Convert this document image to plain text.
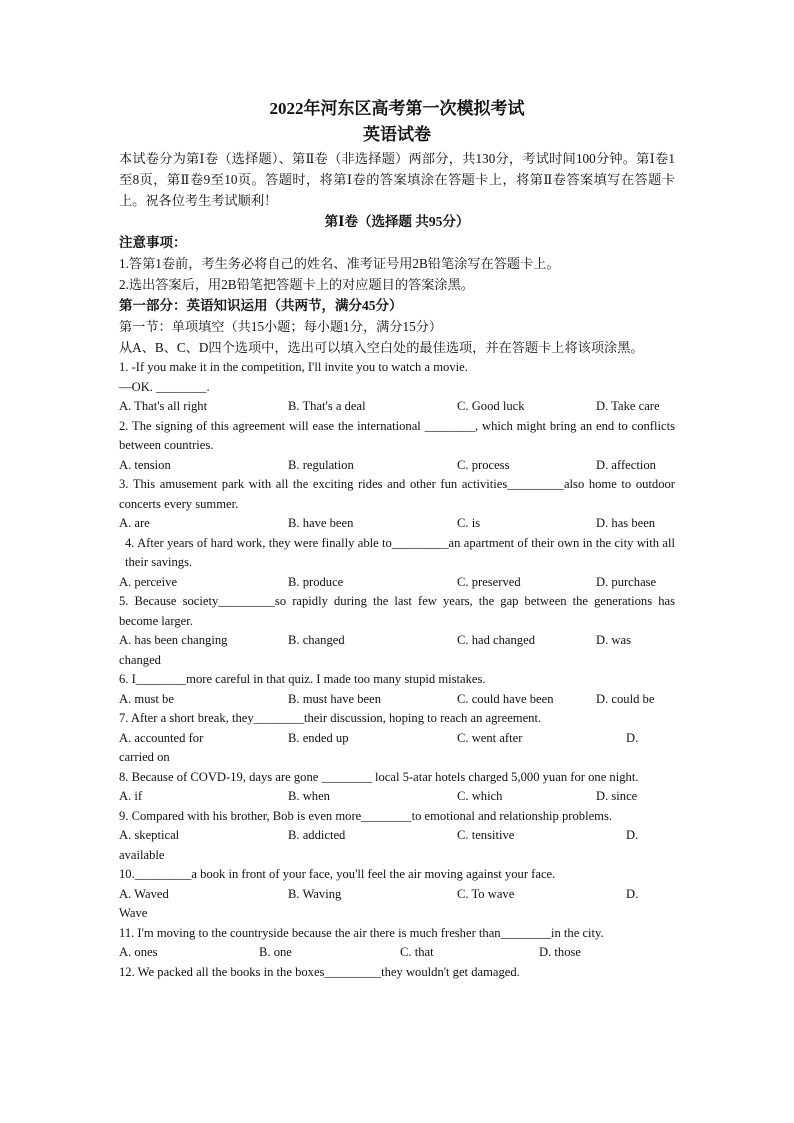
2022年河东区高考第一次模拟考试
英语试卷
本试卷分为第Ⅰ卷（选择题）、第Ⅱ卷（非选择题）两部分，共130分，考试时间100分钟。第Ⅰ卷1至8页，第Ⅱ卷9至10页。答题时，将第Ⅰ卷的答案填涂在答题卡上，将第Ⅱ卷答案填写在答题卡上。祝各位考生考试顺利！
第Ⅰ卷（选择题 共95分）
注意事项：
1.答第1卷前，考生务必将自己的姓名、准考证号用2B铅笔涂写在答题卡上。
2.选出答案后，用2B铅笔把答题卡上的对应题目的答案涂黑。
第一部分：英语知识运用（共两节，满分45分）
第一节：单项填空（共15小题；每小题1分，满分15分）
从A、B、C、D四个选项中，选出可以填入空白处的最佳选项，并在答题卡上将该项涂黑。
1. -If you make it in the competition, I'll invite you to watch a movie.
—OK. ________.
A. That's all right	B. That's a deal	C. Good luck	D. Take care
2. The signing of this agreement will ease the international ________, which might bring an end to conflicts between countries.
A. tension	B. regulation	C. process	D. affection
3. This amusement park with all the exciting rides and other fun activities_________also home to outdoor concerts every summer.
A. are	B. have been	C. is	D. has been
4. After years of hard work, they were finally able to_________an apartment of their own in the city with all their savings.
A. perceive	B. produce	C. preserved	D. purchase
5. Because society_________so rapidly during the last few years, the gap between the generations has become larger.
A. has been changing	B. changed	C. had changed	D. was
changed
6. I________more careful in that quiz. I made too many stupid mistakes.
A. must be	B. must have been	C. could have been	D. could be
7. After a short break, they________their discussion, hoping to reach an agreement.
A. accounted for	B. ended up	C. went after	D.
carried on
8. Because of COVD-19, days are gone ________ local 5-atar hotels charged 5,000 yuan for one night.
A. if	B. when	C. which	D. since
9. Compared with his brother, Bob is even more________to emotional and relationship problems.
A. skeptical	B. addicted	C. tensitive	D.
available
10._________a book in front of your face, you'll feel the air moving against your face.
A. Waved	B. Waving	C. To wave	D.
Wave
11. I'm moving to the countryside because the air there is much fresher than________in the city.
A. ones	B. one	C. that	D. those
12. We packed all the books in the boxes_________they wouldn't get damaged.
